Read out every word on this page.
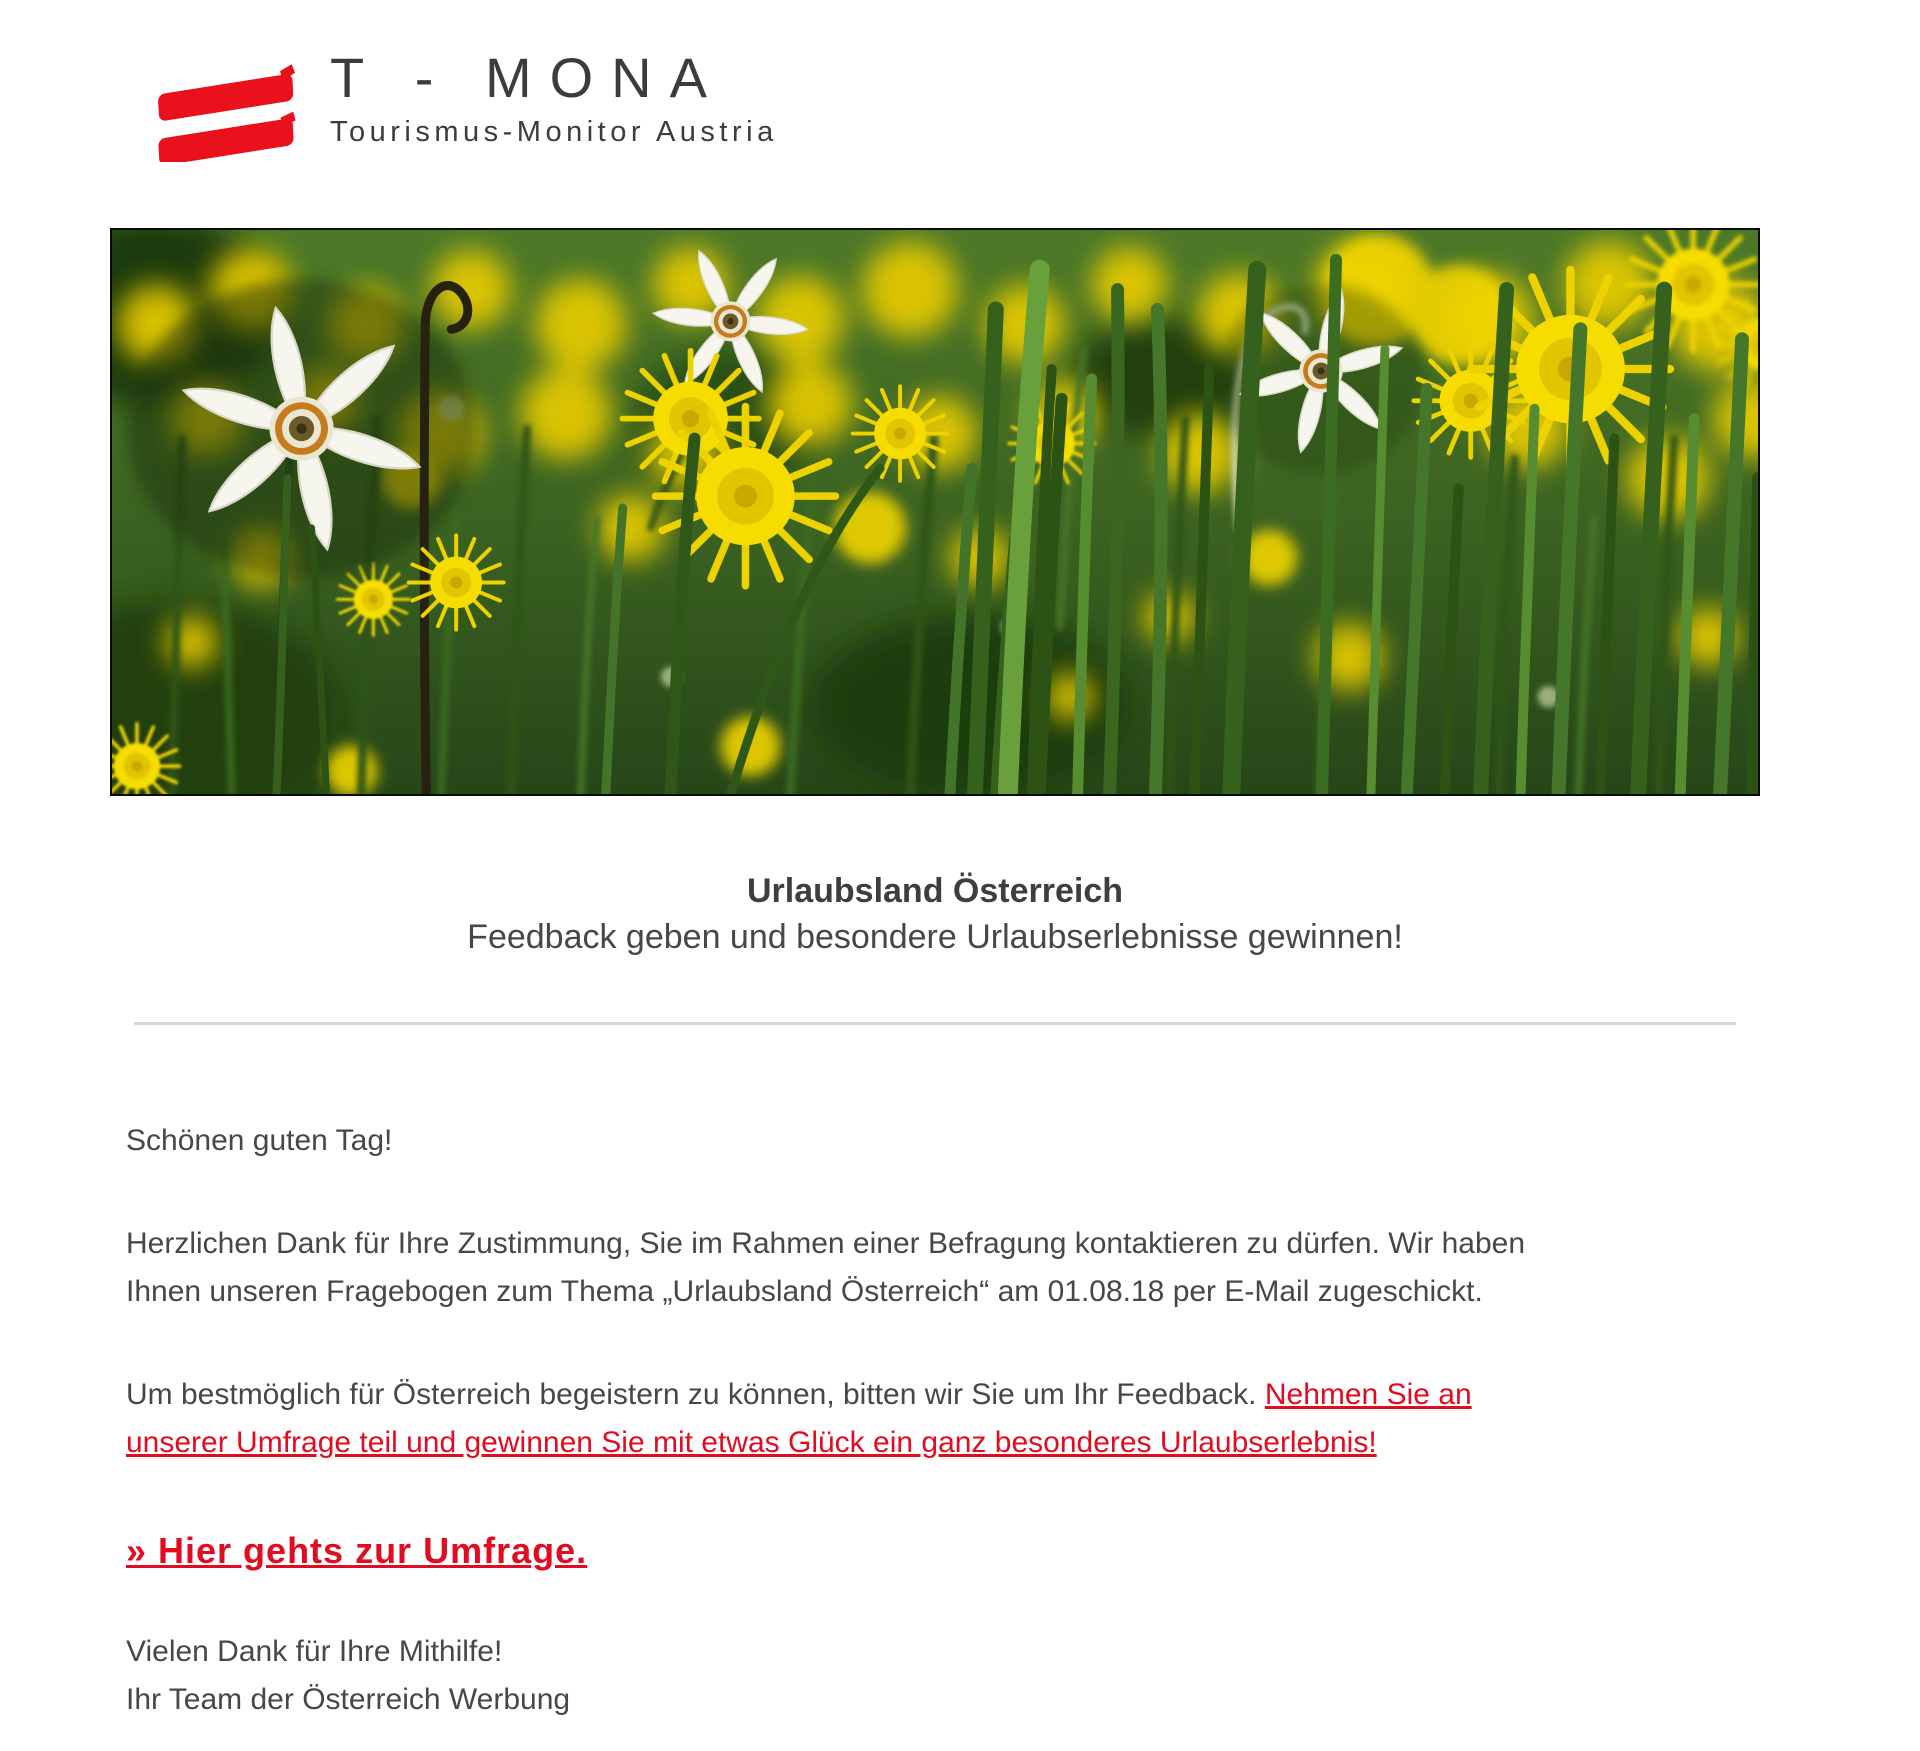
T - MONA
Tourismus-Monitor Austria
Urlaubsland Österreich
Feedback geben und besondere Urlaubserlebnisse gewinnen!

Schönen guten Tag!

Herzlichen Dank für Ihre Zustimmung, Sie im Rahmen einer Befragung kontaktieren zu dürfen. Wir haben
Ihnen unseren Fragebogen zum Thema „Urlaubsland Österreich“ am 01.08.18 per E-Mail zugeschickt.

Um bestmöglich für Österreich begeistern zu können, bitten wir Sie um Ihr Feedback. Nehmen Sie an
unserer Umfrage teil und gewinnen Sie mit etwas Glück ein ganz besonderes Urlaubserlebnis!

» Hier gehts zur Umfrage.

Vielen Dank für Ihre Mithilfe!
Ihr Team der Österreich Werbung
